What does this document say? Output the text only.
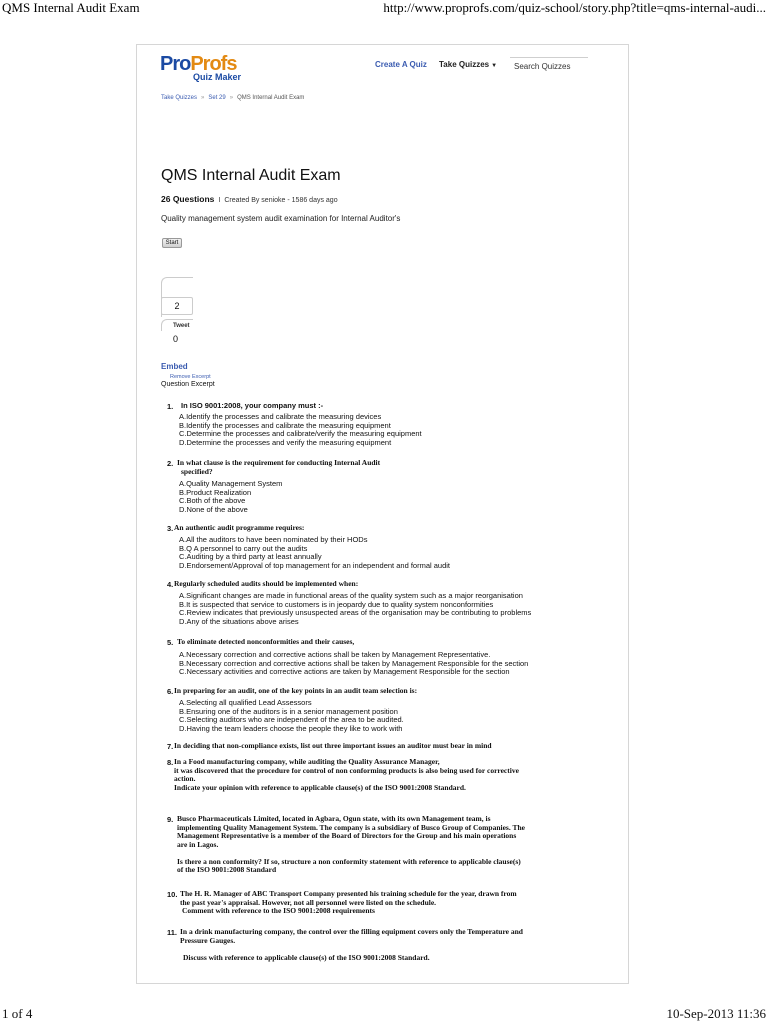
QMS Internal Audit Exam	http://www.proprofs.com/quiz-school/story.php?title=qms-internal-audi...
ProProfs
Quiz Maker
Create A Quiz Take Quizzes ▼	Search Quizzes
Take Quizzes » Set 29 » QMS Internal Audit Exam
QMS Internal Audit Exam
26 Questions I Created By senioke - 1586 days ago
Quality management system audit examination for Internal Auditor's
Start
2
Tweet
0
Embed
Remove Excerpt
Question Excerpt
1. In ISO 9001:2008, your company must :-
A.Identify the processes and calibrate the measuring devices
B.Identify the processes and calibrate the measuring equipment
C.Determine the processes and calibrate/verify the measuring equipment
D.Determine the processes and verify the measuring equipment
2. In what clause is the requirement for conducting Internal Audit
specified?
A.Quality Management System
B.Product Realization
C.Both of the above
D.None of the above
3. An authentic audit programme requires:
A.All the auditors to have been nominated by their HODs
B.Q A personnel to carry out the audits
C.Auditing by a third party at least annually
D.Endorsement/Approval of top management for an independent and formal audit
4. Regularly scheduled audits should be implemented when:
A.Significant changes are made in functional areas of the quality system such as a major reorganisation
B.It is suspected that service to customers is in jeopardy due to quality system nonconformities
C.Review indicates that previously unsuspected areas of the organisation may be contributing to problems
D.Any of the situations above arises
5. To eliminate detected nonconformities and their causes,
A.Necessary correction and corrective actions shall be taken by Management Representative.
B.Necessary correction and corrective actions shall be taken by Management Responsible for the section
C.Necessary activities and corrective actions are taken by Management Responsible for the section
6. In preparing for an audit, one of the key points in an audit team selection is:
A.Selecting all qualified Lead Assessors
B.Ensuring one of the auditors is in a senior management position
C.Selecting auditors who are independent of the area to be audited.
D.Having the team leaders choose the people they like to work with
7. In deciding that non-compliance exists, list out three important issues an auditor must bear in mind
8. In a Food manufacturing company, while auditing the Quality Assurance Manager,
it was discovered that the procedure for control of non conforming products is also being used for corrective
action.
Indicate your opinion with reference to applicable clause(s) of the ISO 9001:2008 Standard.
9. Busco Pharmaceuticals Limited, located in Agbara, Ogun state, with its own Management team, is
implementing Quality Management System. The company is a subsidiary of Busco Group of Companies. The
Management Representative is a member of the Board of Directors for the Group and his main operations
are in Lagos.
Is there a non conformity? If so, structure a non conformity statement with reference to applicable clause(s)
of the ISO 9001:2008 Standard
10. The H. R. Manager of ABC Transport Company presented his training schedule for the year, drawn from
the past year's appraisal. However, not all personnel were listed on the schedule.
Comment with reference to the ISO 9001:2008 requirements
11. In a drink manufacturing company, the control over the filling equipment covers only the Temperature and
Pressure Gauges.
Discuss with reference to applicable clause(s) of the ISO 9001:2008 Standard.
1 of 4	10-Sep-2013 11:36
